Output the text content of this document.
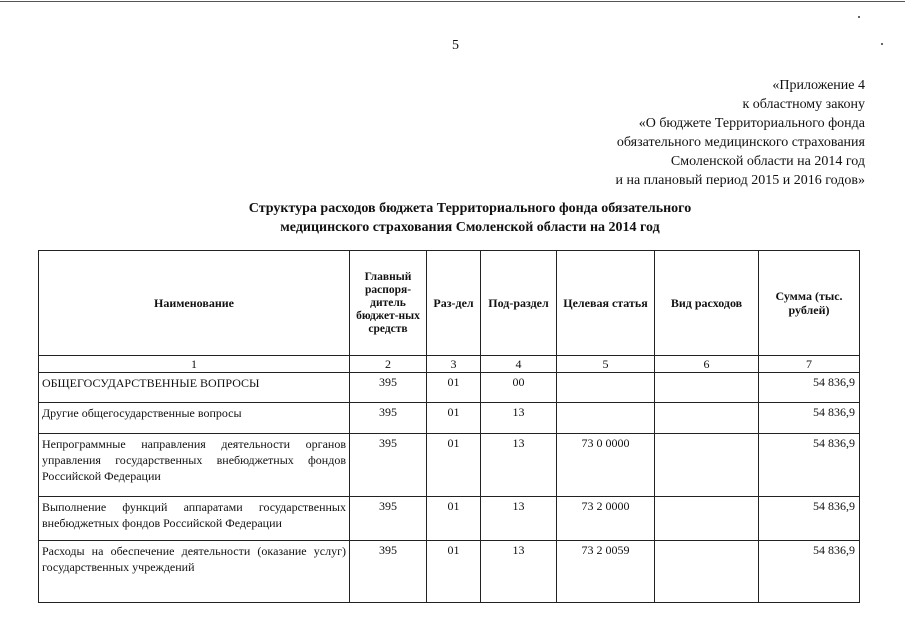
5
«Приложение 4
к областному закону
«О бюджете Территориального фонда
обязательного медицинского страхования
Смоленской области на 2014 год
и на плановый период 2015 и 2016 годов»
Структура расходов бюджета Территориального фонда обязательного
медицинского страхования Смоленской области на 2014 год
Наименование	Главный распоря-дитель бюджет-ных средств	Раз-дел	Под-раздел	Целевая статья	Вид расходов	Сумма (тыс. рублей)
1	2	3	4	5	6	7
ОБЩЕГОСУДАРСТВЕННЫЕ ВОПРОСЫ	395	01	00			54 836,9
Другие общегосударственные вопросы	395	01	13			54 836,9
Непрограммные направления деятельности органов управления государственных внебюджетных фондов Российской Федерации	395	01	13	73 0 0000		54 836,9
Выполнение функций аппаратами государственных внебюджетных фондов Российской Федерации	395	01	13	73 2 0000		54 836,9
Расходы на обеспечение деятельности (оказание услуг) государственных учреждений	395	01	13	73 2 0059		54 836,9
